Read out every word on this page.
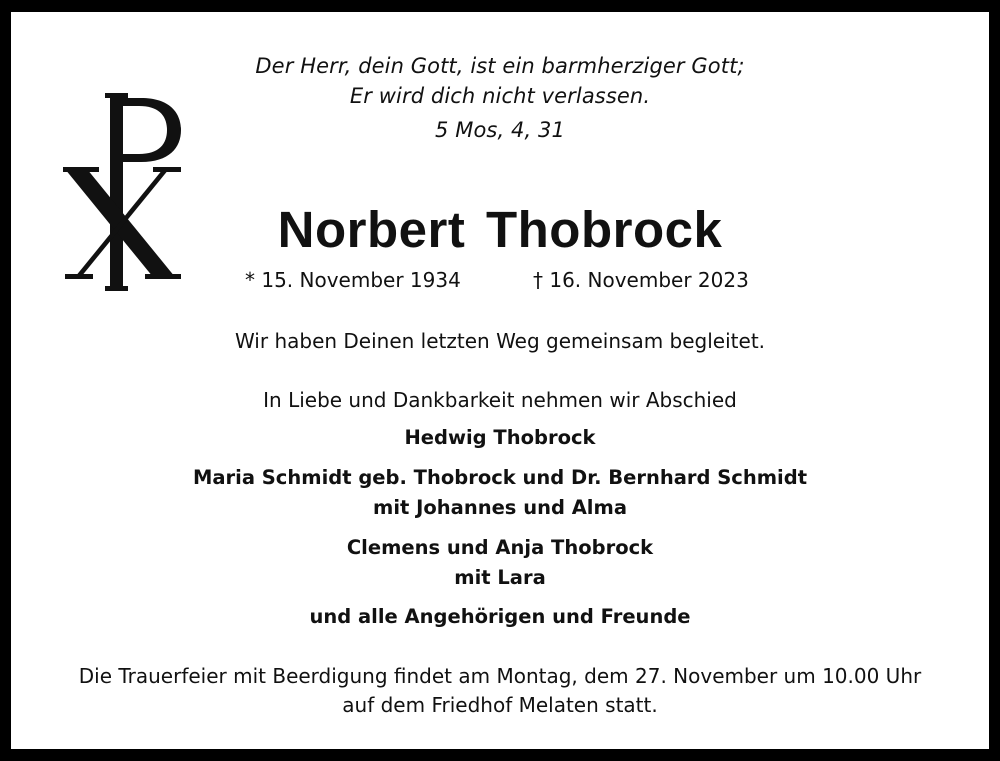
Der Herr, dein Gott, ist ein barmherziger Gott;
Er wird dich nicht verlassen.
5 Mos, 4, 31
Norbert Thobrock
* 15. November 1934	† 16. November 2023
Wir haben Deinen letzten Weg gemeinsam begleitet.
In Liebe und Dankbarkeit nehmen wir Abschied
Hedwig Thobrock
Maria Schmidt geb. Thobrock und Dr. Bernhard Schmidt
mit Johannes und Alma
Clemens und Anja Thobrock
mit Lara
und alle Angehörigen und Freunde
Die Trauerfeier mit Beerdigung findet am Montag, dem 27. November um 10.00 Uhr
auf dem Friedhof Melaten statt.
